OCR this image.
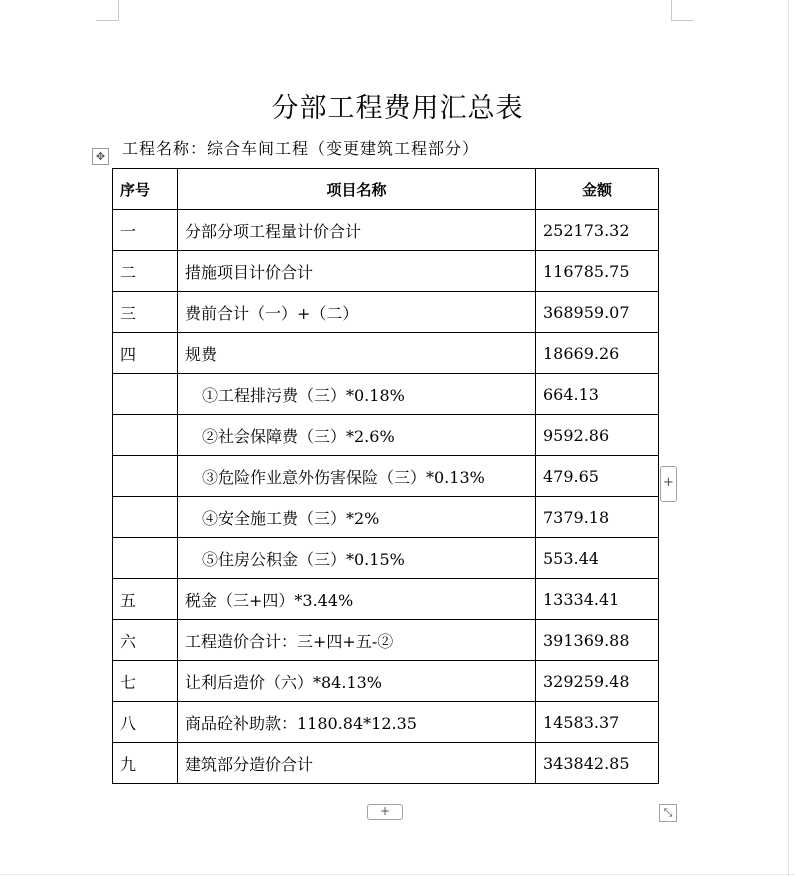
分部工程费用汇总表
工程名称：综合车间工程（变更建筑工程部分）
✥
序号	项目名称	金额
一	分部分项工程量计价合计	252173.32
二	措施项目计价合计	116785.75
三	费前合计（一）+（二）	368959.07
四	规费	18669.26
	①工程排污费（三）*0.18%	664.13
	②社会保障费（三）*2.6%	9592.86
	③危险作业意外伤害保险（三）*0.13%	479.65
	④安全施工费（三）*2%	7379.18
	⑤住房公积金（三）*0.15%	553.44
五	税金（三+四）*3.44%	13334.41
六	工程造价合计：三+四+五-②	391369.88
七	让利后造价（六）*84.13%	329259.48
八	商品砼补助款：1180.84*12.35	14583.37
九	建筑部分造价合计	343842.85
+
+	⤡
